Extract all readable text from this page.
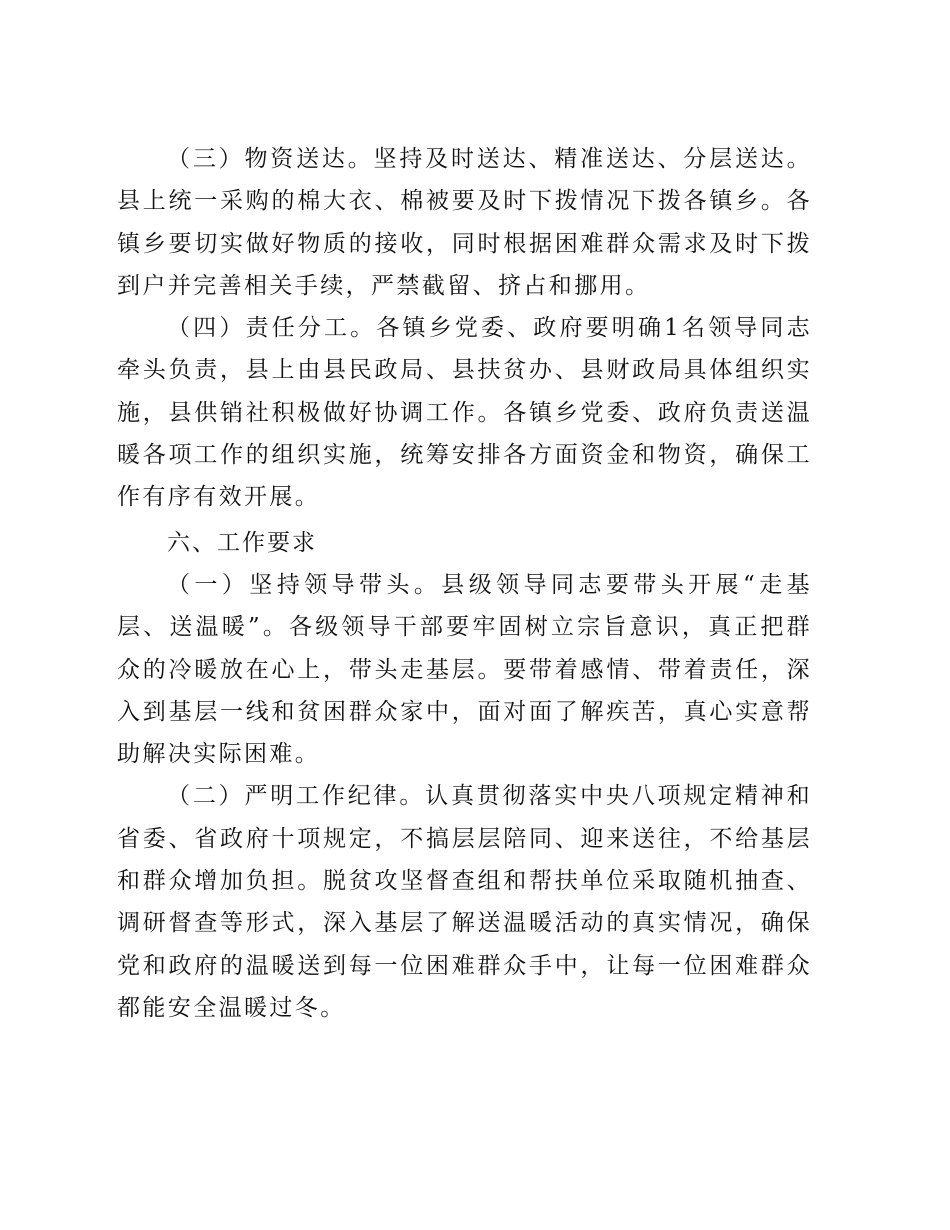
（三）物资送达。坚持及时送达、精准送达、分层送达。县上统一采购的棉大衣、棉被要及时下拨情况下拨各镇乡。各镇乡要切实做好物质的接收，同时根据困难群众需求及时下拨到户并完善相关手续，严禁截留、挤占和挪用。

（四）责任分工。各镇乡党委、政府要明确1名领导同志牵头负责，县上由县民政局、县扶贫办、县财政局具体组织实施，县供销社积极做好协调工作。各镇乡党委、政府负责送温暖各项工作的组织实施，统筹安排各方面资金和物资，确保工作有序有效开展。

六、工作要求

（一）坚持领导带头。县级领导同志要带头开展“走基层、送温暖”。各级领导干部要牢固树立宗旨意识，真正把群众的冷暖放在心上，带头走基层。要带着感情、带着责任，深入到基层一线和贫困群众家中，面对面了解疾苦，真心实意帮助解决实际困难。

（二）严明工作纪律。认真贯彻落实中央八项规定精神和省委、省政府十项规定，不搞层层陪同、迎来送往，不给基层和群众增加负担。脱贫攻坚督查组和帮扶单位采取随机抽查、调研督查等形式，深入基层了解送温暖活动的真实情况，确保党和政府的温暖送到每一位困难群众手中，让每一位困难群众都能安全温暖过冬。
